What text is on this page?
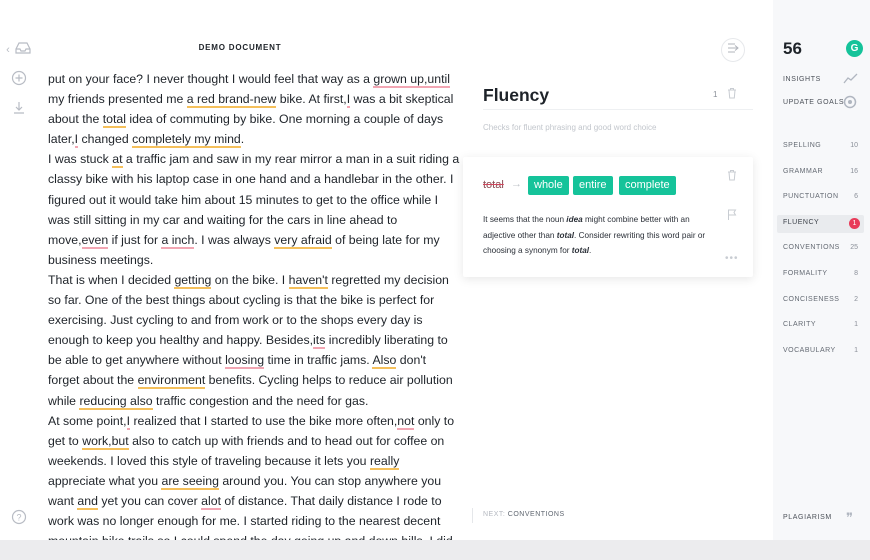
‹
?
DEMO DOCUMENT

put on your face? I never thought I would feel that way as a grown up,until

my friends presented me a red brand-new bike. At first,I was a bit skeptical

about the total idea of commuting by bike. One morning a couple of days

later,I changed completely my mind.

I was stuck at a traffic jam and saw in my rear mirror a man in a suit riding a

classy bike with his laptop case in one hand and a handlebar in the other. I

figured out it would take him about 15 minutes to get to the office while I

was still sitting in my car and waiting for the cars in line ahead to

move,even if just for a inch. I was always very afraid of being late for my

business meetings.

That is when I decided getting on the bike. I haven't regretted my decision

so far. One of the best things about cycling is that the bike is perfect for

exercising. Just cycling to and from work or to the shops every day is

enough to keep you healthy and happy. Besides,its incredibly liberating to

be able to get anywhere without loosing time in traffic jams. Also don't

forget about the environment benefits. Cycling helps to reduce air pollution

while reducing also traffic congestion and the need for gas.

At some point,I realized that I started to use the bike more often,not only to

get to work,but also to catch up with friends and to head out for coffee on

weekends. I loved this style of traveling because it lets you really

appreciate what you are seeing around you. You can stop anywhere you

want and yet you can cover alot of distance. That daily distance I rode to

work was no longer enough for me. I started riding to the nearest decent

Fluency	1
Checks for fluent phrasing and good word choice
total →	whole	entire	complete
It seems that the noun idea might combine better with an adjective other than total. Consider rewriting this word pair or choosing a synonym for total.
•••
NEXT: CONVENTIONS
56	G
INSIGHTS
UPDATE GOALS
SPELLING	10
GRAMMAR	16
PUNCTUATION 6
FLUENCY	1
CONVENTIONS 25
FORMALITY	8
CONCISENESS 2
CLARITY	1
VOCABULARY	1
PLAGIARISM ❞
